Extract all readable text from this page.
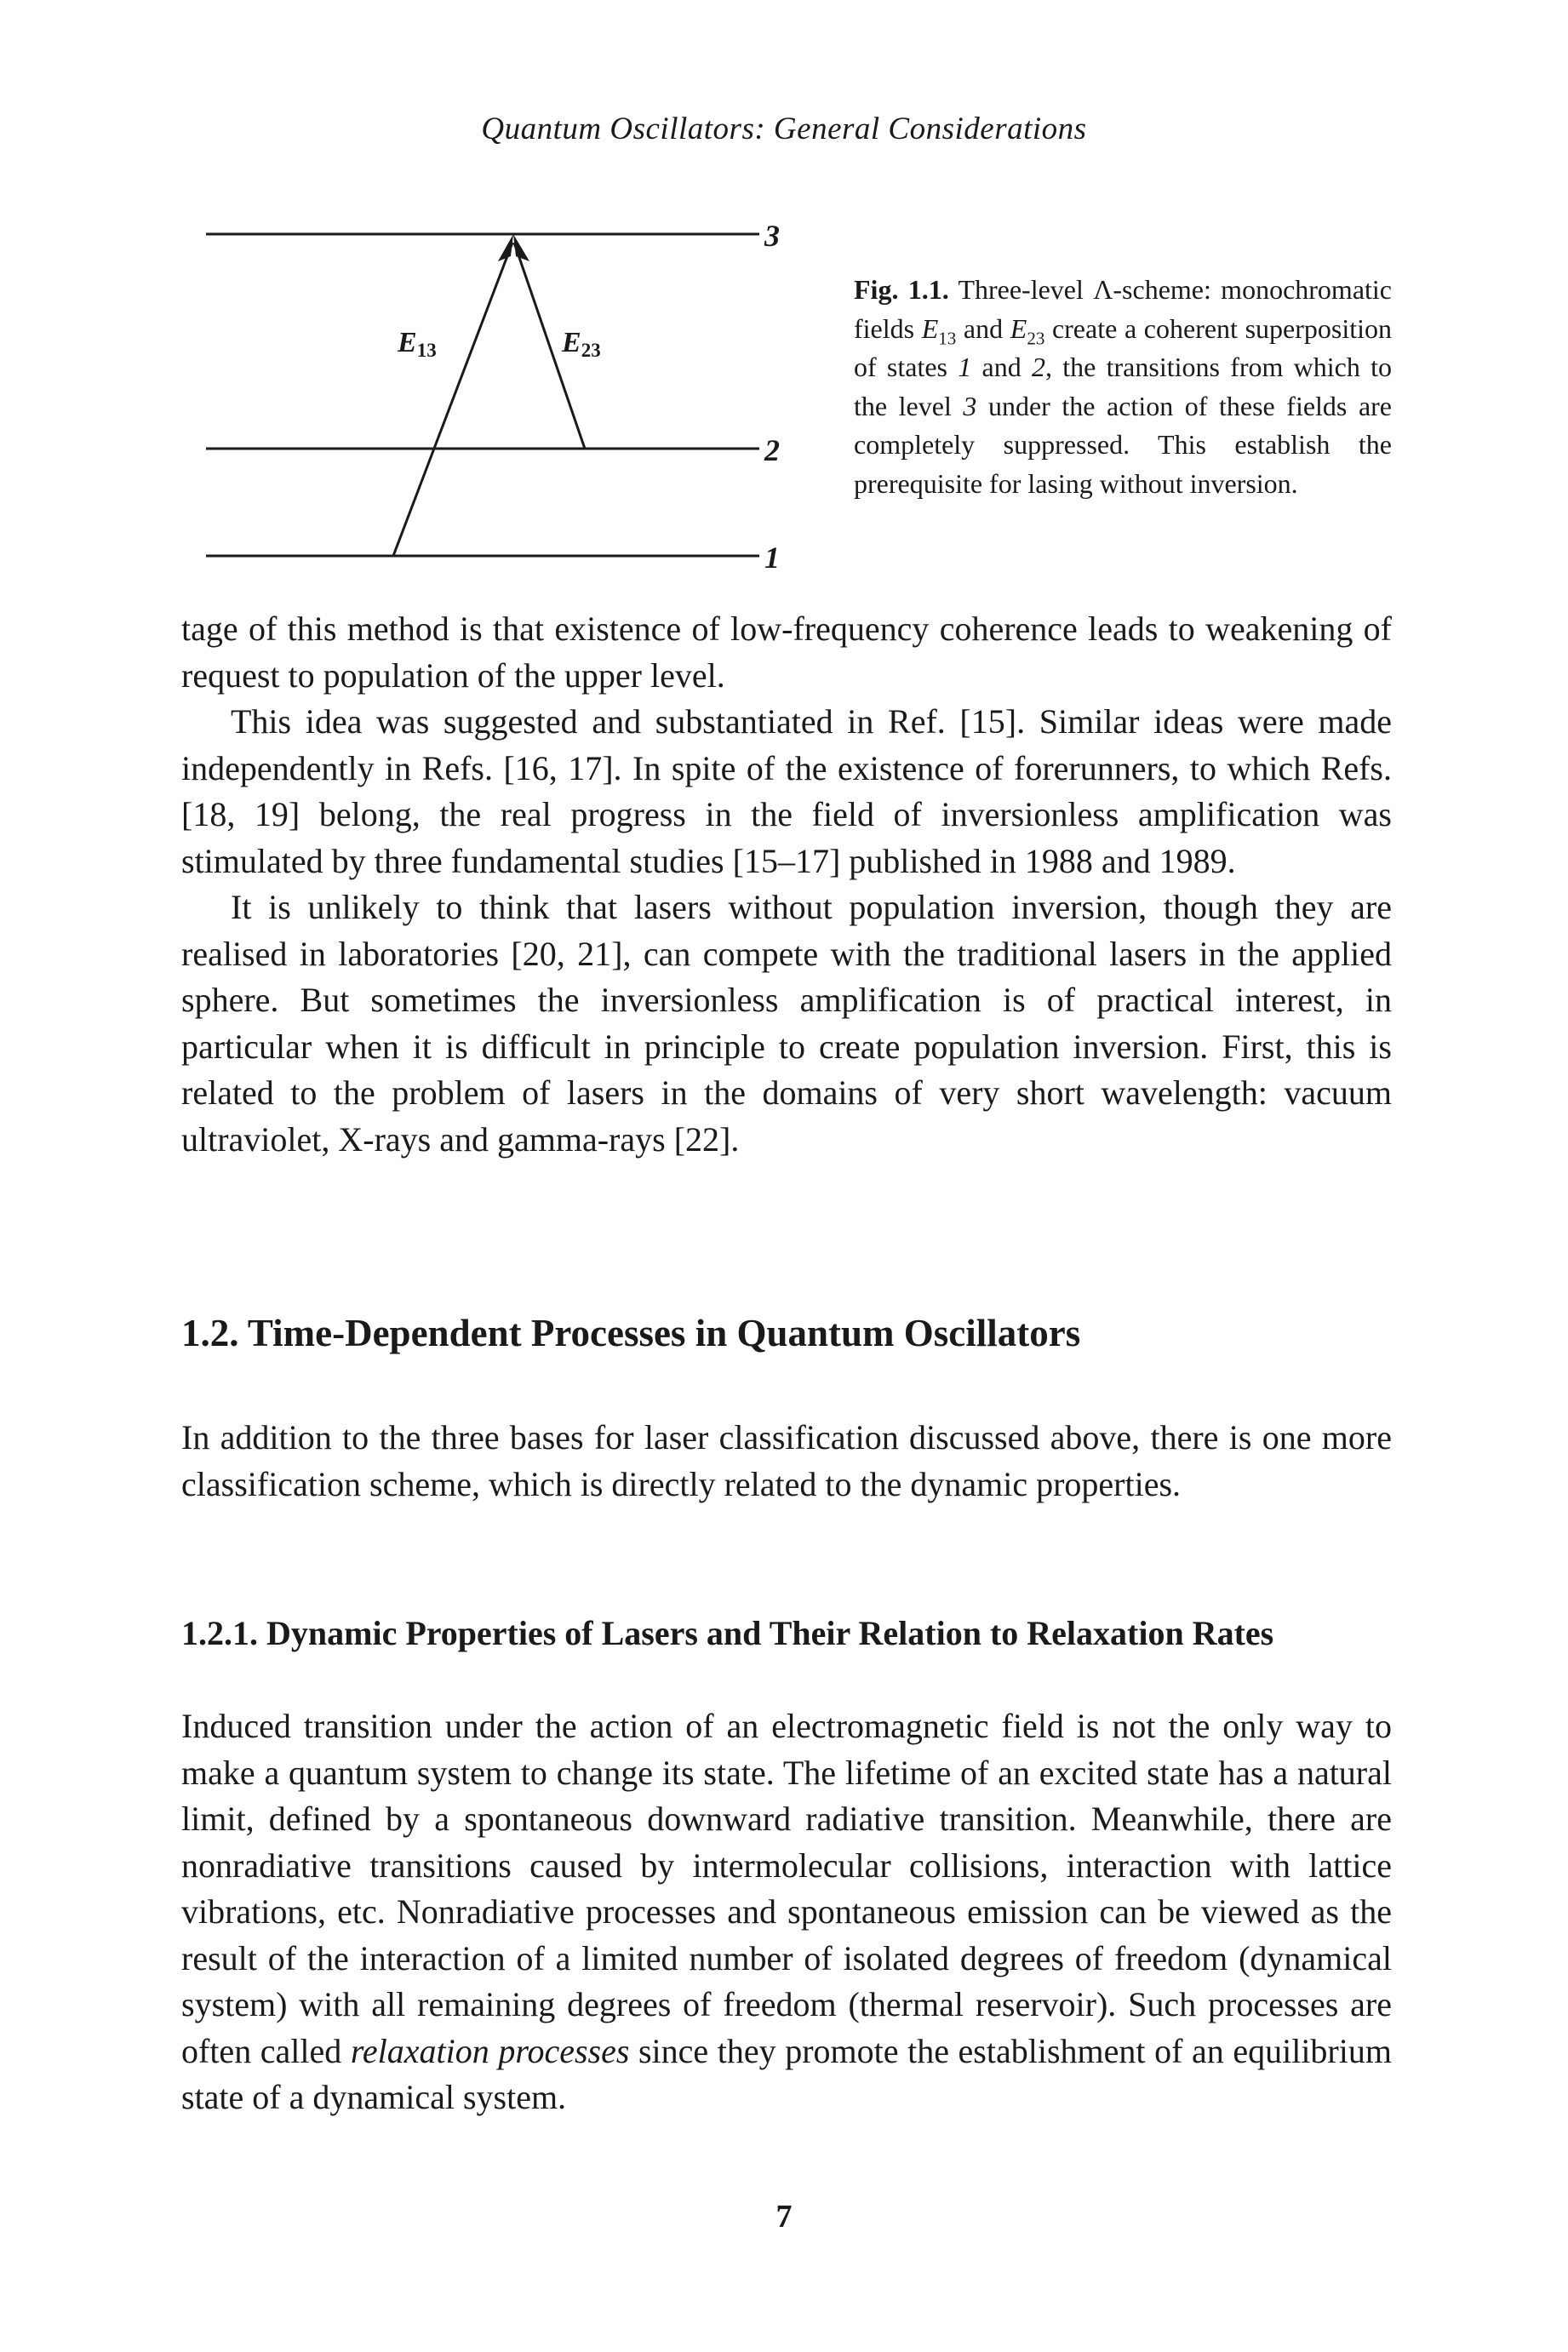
Quantum Oscillators: General Considerations
3
2
1
E13	E23
Fig. 1.1. Three-level Λ-scheme: monochromatic fields $E_{13}$ and $E_{23}$ create a coherent superposition of states 1 and 2, the transitions from which to the level 3 under the action of these fields are completely suppressed. This establish the prerequisite for lasing without inversion.

tage of this method is that existence of low-frequency coherence leads to weakening of request to population of the upper level.

This idea was suggested and substantiated in Ref. [15]. Similar ideas were made independently in Refs. [16, 17]. In spite of the existence of forerunners, to which Refs. [18, 19] belong, the real progress in the field of inversionless amplification was stimulated by three fundamental studies [15–17] published in 1988 and 1989.

It is unlikely to think that lasers without population inversion, though they are realised in laboratories [20, 21], can compete with the traditional lasers in the applied sphere. But sometimes the inversionless amplification is of practical interest, in particular when it is difficult in principle to create population inversion. First, this is related to the problem of lasers in the domains of very short wavelength: vacuum ultraviolet, X-rays and gamma-rays [22].

1.2. Time-Dependent Processes in Quantum Oscillators

In addition to the three bases for laser classification discussed above, there is one more classification scheme, which is directly related to the dynamic properties.

1.2.1. Dynamic Properties of Lasers and Their Relation to Relaxation Rates

Induced transition under the action of an electromagnetic field is not the only way to make a quantum system to change its state. The lifetime of an excited state has a natural limit, defined by a spontaneous downward radiative transition. Meanwhile, there are nonradiative transitions caused by intermolecular collisions, interaction with lattice vibrations, etc. Nonradiative processes and spontaneous emission can be viewed as the result of the interaction of a limited number of isolated degrees of freedom (dynamical system) with all remaining degrees of freedom (thermal reservoir). Such processes are often called relaxation processes since they promote the establishment of an equilibrium state of a dynamical system.

7
